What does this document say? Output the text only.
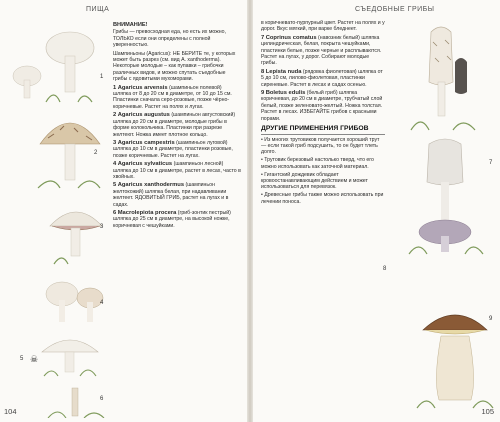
ПИЩА
1
2
3
4
5 ☠
6
ВНИМАНИЕ!

Грибы — превосходная еда, но есть их можно, ТОЛЬКО если они определены с полной уверенностью.

Шампиньоны (Agaricus): НЕ БЕРИТЕ те, у которых может быть разрез (см. вид A. xanthoderma). Некоторые молодые – как пупавки – грибочки различных видов, и можно спутать съедобные грибы с ядовитыми мухоморами.

1 Agaricus arvensis (шампиньон полевой) шляпка от 8 до 20 см в диаметре, от 10 до 15 см. Пластинки сначала серо-розовые, позже чёрно-коричневые. Растет на полях и лугах.

2 Agaricus augustus (шампиньон августовский) шляпка до 20 см в диаметре, молодые грибы в форме колокольчика. Пластинки при разрезе желтеют. Ножка имеет плотное кольцо.

3 Agaricus campestris (шампиньон луговой) шляпка до 10 см в диаметре, пластинки розовые, позже коричневые. Растет на лугах.

4 Agaricus sylvaticus (шампиньон лесной) шляпка до 10 см в диаметре, растет в лесах, часто в хвойных.

5 Agaricus xanthodermus (шампиньон желтокожий) шляпка белая, при надавливании желтеет. ЯДОВИТЫЙ ГРИБ, растет на лугах и в садах.

6 Macrolepiota procera (гриб-зонтик пестрый) шляпка до 25 см в диаметре, на высокой ножке, коричневая с чешуйками.

104
СЪЕДОБНЫЕ ГРИБЫ

в коричневато-пурпурный цвет. Растет на полях и у дорог. Вкус мягкий, при варке бледнеет.

7 Coprinus comatus (навозник белый) шляпка цилиндрическая, белая, покрыта чешуйками, пластинки белые, позже черные и расплываются. Растет на лугах, у дорог. Собирают молодые грибы.

8 Lepista nuda (рядовка фиолетовая) шляпка от 5 до 10 см, лилово-фиолетовая, пластинки сиреневые. Растет в лесах и садах осенью.

9 Boletus edulis (белый гриб) шляпка коричневая, до 20 см в диаметре, трубчатый слой белый, позже зеленовато-желтый. Ножка толстая. Растет в лесах. ИЗБЕГАЙТЕ грибов с красными порами.

ДРУГИЕ ПРИМЕНЕНИЯ ГРИБОВ

• Из многих трутовиков получается хороший трут — если такой гриб подсушить, то он будет тлеть долго.

• Трутовик березовый настолько тверд, что его можно использовать как заточной материал.

• Гигантский дождевик обладает кровоостанавливающим действием и может использоваться для перевязок.

• Древесные грибы также можно использовать при лечении поноса.

7
8
9
105
